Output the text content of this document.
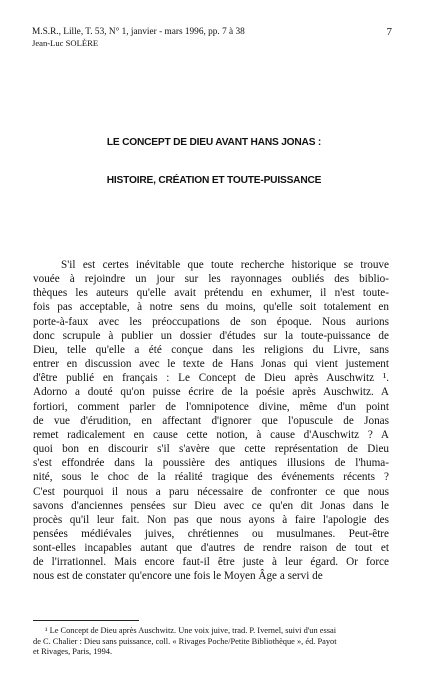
M.S.R., Lille, T. 53, N° 1, janvier - mars 1996, pp. 7 à 38
Jean-Luc SOLÈRE
7
LE CONCEPT DE DIEU AVANT HANS JONAS :
HISTOIRE, CRÉATION ET TOUTE-PUISSANCE
S'il est certes inévitable que toute recherche historique se trouve
vouée à rejoindre un jour sur les rayonnages oubliés des biblio-
thèques les auteurs qu'elle avait prétendu en exhumer, il n'est toute-
fois pas acceptable, à notre sens du moins, qu'elle soit totalement en
porte-à-faux avec les préoccupations de son époque. Nous aurions
donc scrupule à publier un dossier d'études sur la toute-puissance de
Dieu, telle qu'elle a été conçue dans les religions du Livre, sans
entrer en discussion avec le texte de Hans Jonas qui vient justement
d'être publié en français : Le Concept de Dieu après Auschwitz ¹.
Adorno a douté qu'on puisse écrire de la poésie après Auschwitz. A
fortiori, comment parler de l'omnipotence divine, même d'un point
de vue d'érudition, en affectant d'ignorer que l'opuscule de Jonas
remet radicalement en cause cette notion, à cause d'Auschwitz ? A
quoi bon en discourir s'il s'avère que cette représentation de Dieu
s'est effondrée dans la poussière des antiques illusions de l'huma-
nité, sous le choc de la réalité tragique des événements récents ?
C'est pourquoi il nous a paru nécessaire de confronter ce que nous
savons d'anciennes pensées sur Dieu avec ce qu'en dit Jonas dans le
procès qu'il leur fait. Non pas que nous ayons à faire l'apologie des
pensées médiévales juives, chrétiennes ou musulmanes. Peut-être
sont-elles incapables autant que d'autres de rendre raison de tout et
de l'irrationnel. Mais encore faut-il être juste à leur égard. Or force
nous est de constater qu'encore une fois le Moyen Âge a servi de
¹ Le Concept de Dieu après Auschwitz. Une voix juive, trad. P. Ivernel, suivi d'un essai
de C. Chalier : Dieu sans puissance, coll. « Rivages Poche/Petite Bibliothèque », éd. Payot
et Rivages, Paris, 1994.
